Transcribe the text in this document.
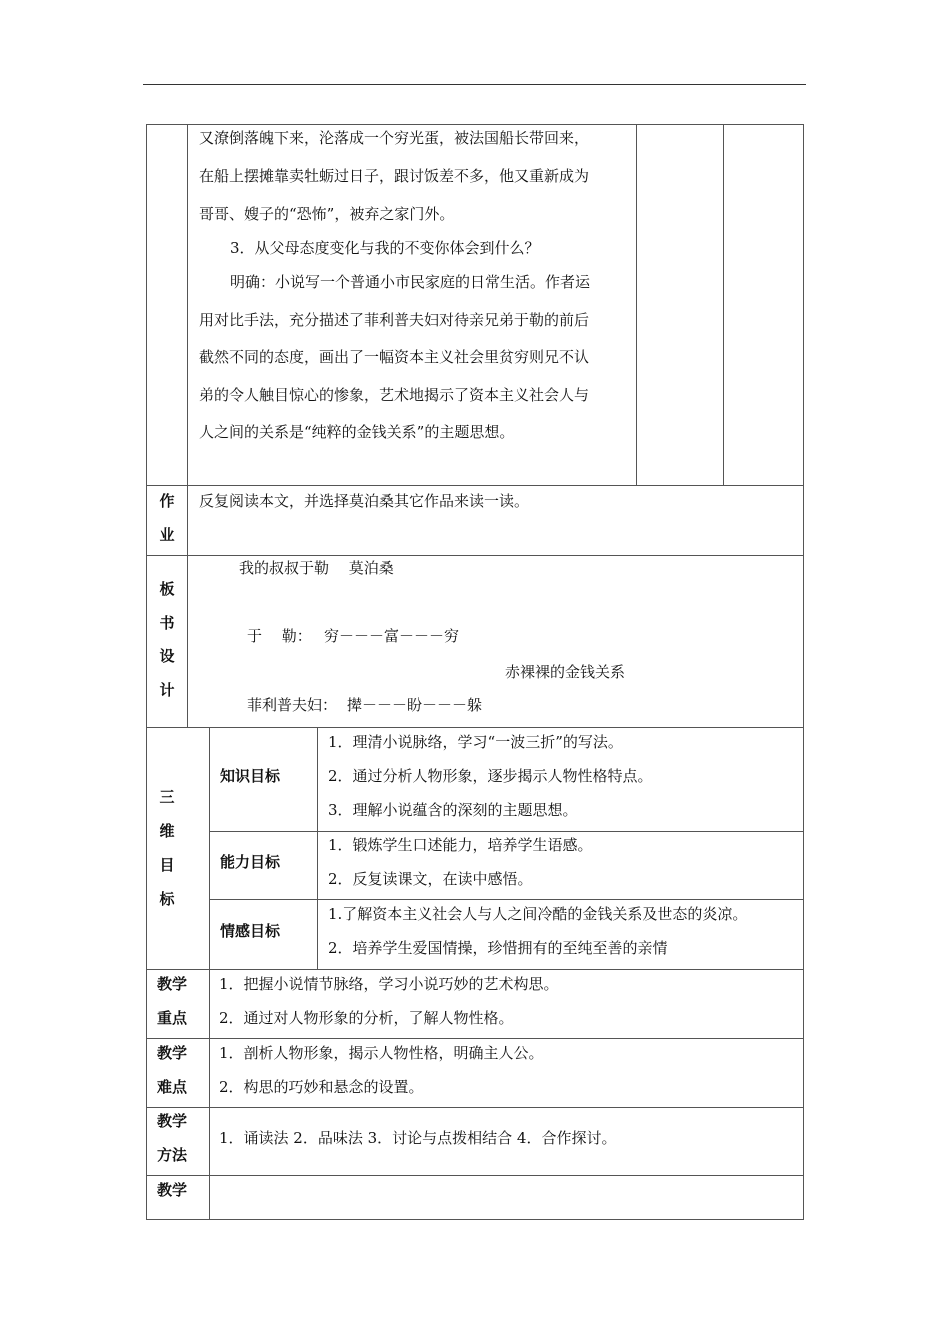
又潦倒落魄下来，沦落成一个穷光蛋，被法国船长带回来，
在船上摆摊靠卖牡蛎过日子，跟讨饭差不多，他又重新成为
哥哥、嫂子的“恐怖”，被弃之家门外。
3．从父母态度变化与我的不变你体会到什么？
明确：小说写一个普通小市民家庭的日常生活。作者运
用对比手法，充分描述了菲利普夫妇对待亲兄弟于勒的前后
截然不同的态度，画出了一幅资本主义社会里贫穷则兄不认
弟的令人触目惊心的惨象，艺术地揭示了资本主义社会人与
人之间的关系是“纯粹的金钱关系”的主题思想。
作
业
反复阅读本文，并选择莫泊桑其它作品来读一读。
板
书
设
计
我的叔叔于勒　 莫泊桑
于　 勒： 穷－－－富－－－穷
赤裸裸的金钱关系
菲利普夫妇： 撵－－－盼－－－躲
三
维
目
标
知识目标
1．理清小说脉络，学习“一波三折”的写法。
2．通过分析人物形象，逐步揭示人物性格特点。
3．理解小说蕴含的深刻的主题思想。
能力目标
1．锻炼学生口述能力，培养学生语感。
2．反复读课文，在读中感悟。
情感目标
1.了解资本主义社会人与人之间冷酷的金钱关系及世态的炎凉。
2．培养学生爱国情操，珍惜拥有的至纯至善的亲情
教学
重点
1．把握小说情节脉络，学习小说巧妙的艺术构思。
2．通过对人物形象的分析，了解人物性格。
教学
难点
1．剖析人物形象，揭示人物性格，明确主人公。
2．构思的巧妙和悬念的设置。
教学
方法
1．诵读法 2．品味法 3．讨论与点拨相结合 4．合作探讨。
教学
